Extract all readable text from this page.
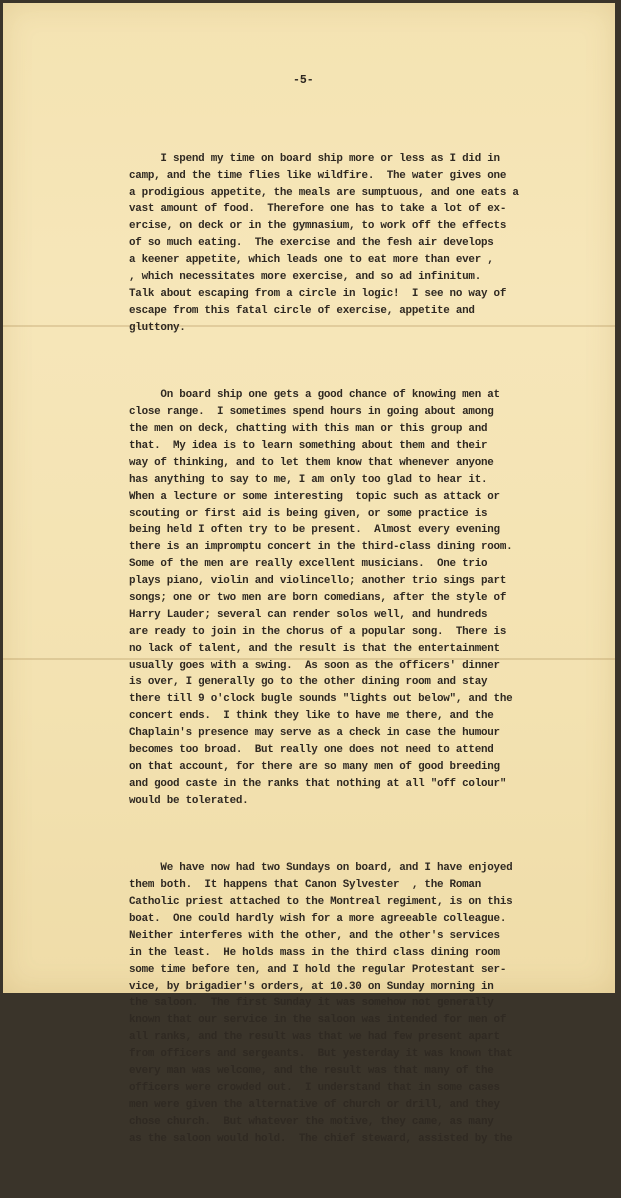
-5-

I spend my time on board ship more or less as I did in
camp, and the time flies like wildfire.  The water gives one
a prodigious appetite, the meals are sumptuous, and one eats a
vast amount of food.  Therefore one has to take a lot of ex-
ercise, on deck or in the gymnasium, to work off the effects
of so much eating.  The exercise and the fesh air develops
a keener appetite, which leads one to eat more than ever ,
, which necessitates more exercise, and so ad infinitum.
Talk about escaping from a circle in logic!  I see no way of
escape from this fatal circle of exercise, appetite and
gluttony.

On board ship one gets a good chance of knowing men at
close range.  I sometimes spend hours in going about among
the men on deck, chatting with this man or this group and
that.  My idea is to learn something about them and their
way of thinking, and to let them know that whenever anyone
has anything to say to me, I am only too glad to hear it.
When a lecture or some interesting  topic such as attack or
scouting or first aid is being given, or some practice is
being held I often try to be present.  Almost every evening
there is an impromptu concert in the third-class dining room.
Some of the men are really excellent musicians.  One trio
plays piano, violin and violincello; another trio sings part
songs; one or two men are born comedians, after the style of
Harry Lauder; several can render solos well, and hundreds
are ready to join in the chorus of a popular song.  There is
no lack of talent, and the result is that the entertainment
usually goes with a swing.  As soon as the officers' dinner
is over, I generally go to the other dining room and stay
there till 9 o'clock bugle sounds "lights out below", and the
concert ends.  I think they like to have me there, and the
Chaplain's presence may serve as a check in case the humour
becomes too broad.  But really one does not need to attend
on that account, for there are so many men of good breeding
and good caste in the ranks that nothing at all "off colour"
would be tolerated.

We have now had two Sundays on board, and I have enjoyed
them both.  It happens that Canon Sylvester  , the Roman
Catholic priest attached to the Montreal regiment, is on this
boat.  One could hardly wish for a more agreeable colleague.
Neither interferes with the other, and the other's services
in the least.  He holds mass in the third class dining room
some time before ten, and I hold the regular Protestant ser-
vice, by brigadier's orders, at 10.30 on Sunday morning in
the saloon.  The first Sunday it was somehow not generally
known that our service in the saloon was intended for men of
all ranks, and the result was that we had few present apart
from officers and sergeants.  But yesterday it was known that
every man was welcome, and the result was that many of the
officers were crowded out.  I understand that in some cases
men were given the alternative of church or drill, and they
chose church.  But whatever the motive, they came, as many
as the saloon would hold.  The chief steward, assisted by the
